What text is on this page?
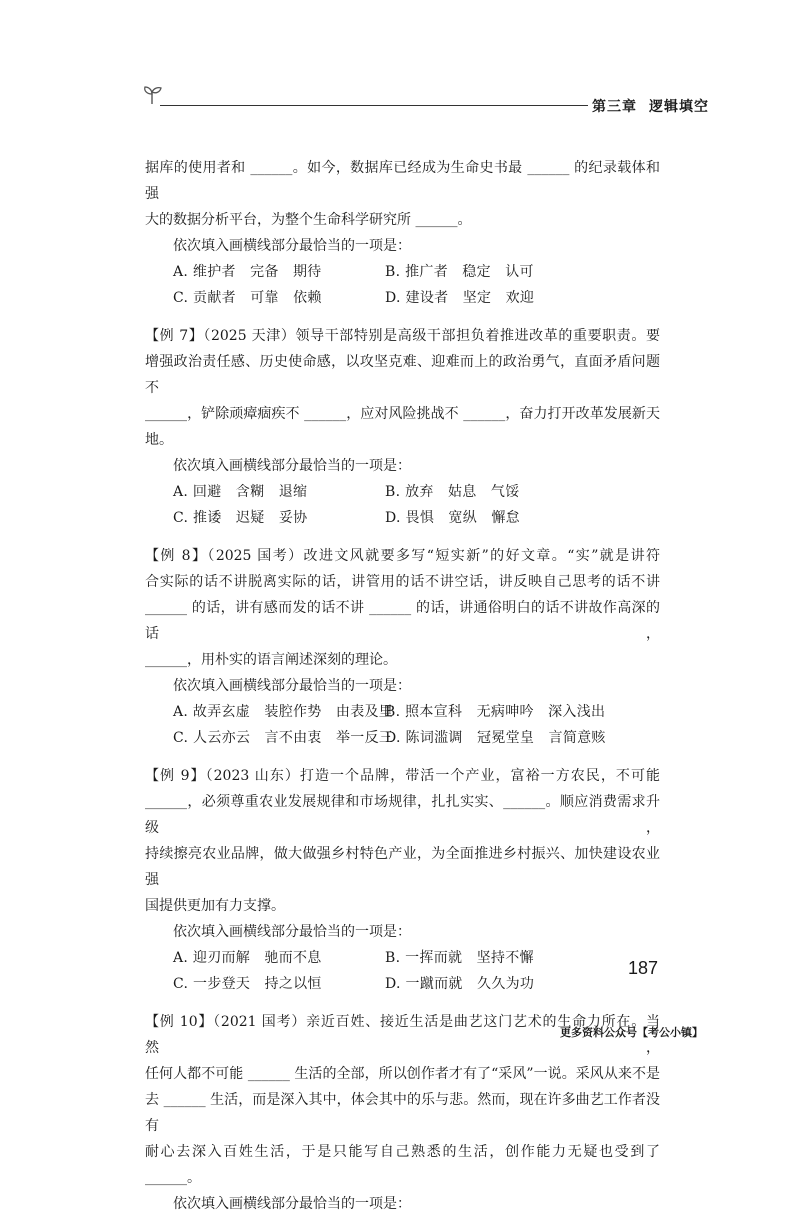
第三章 逻辑填空

据库的使用者和 ______。如今，数据库已经成为生命史书最 ______ 的纪录载体和强

大的数据分析平台，为整个生命科学研究所 ______。

依次填入画横线部分最恰当的一项是：

A. 维护者　完备　期待	B. 推广者　稳定　认可
C. 贡献者　可靠　依赖	D. 建设者　坚定　欢迎

【例 7】（2025 天津）领导干部特别是高级干部担负着推进改革的重要职责。要

增强政治责任感、历史使命感，以攻坚克难、迎难而上的政治勇气，直面矛盾问题不

______，铲除顽瘴痼疾不 ______，应对风险挑战不 ______，奋力打开改革发展新天地。

依次填入画横线部分最恰当的一项是：

A. 回避　含糊　退缩	B. 放弃　姑息　气馁
C. 推诿　迟疑　妥协	D. 畏惧　宽纵　懈怠

【例 8】（2025 国考）改进文风就要多写“短实新”的好文章。“实”就是讲符

合实际的话不讲脱离实际的话，讲管用的话不讲空话，讲反映自己思考的话不讲

______ 的话，讲有感而发的话不讲 ______ 的话，讲通俗明白的话不讲故作高深的话，

______，用朴实的语言阐述深刻的理论。

依次填入画横线部分最恰当的一项是：

A. 故弄玄虚　装腔作势　由表及里
B. 照本宣科　无病呻吟　深入浅出
C. 人云亦云　言不由衷　举一反三
D. 陈词滥调　冠冕堂皇　言简意赅

【例 9】（2023 山东）打造一个品牌，带活一个产业，富裕一方农民，不可能

______，必须尊重农业发展规律和市场规律，扎扎实实、______。顺应消费需求升级，

持续擦亮农业品牌，做大做强乡村特色产业，为全面推进乡村振兴、加快建设农业强

国提供更加有力支撑。

依次填入画横线部分最恰当的一项是：

A. 迎刃而解　驰而不息	B. 一挥而就　坚持不懈
C. 一步登天　持之以恒	D. 一蹴而就　久久为功

【例 10】（2021 国考）亲近百姓、接近生活是曲艺这门艺术的生命力所在。当然，

任何人都不可能 ______ 生活的全部，所以创作者才有了“采风”一说。采风从来不是

去 ______ 生活，而是深入其中，体会其中的乐与悲。然而，现在许多曲艺工作者没有

耐心去深入百姓生活，于是只能写自己熟悉的生活，创作能力无疑也受到了 ______。

依次填入画横线部分最恰当的一项是：

187
更多资料公众号【考公小镇】
